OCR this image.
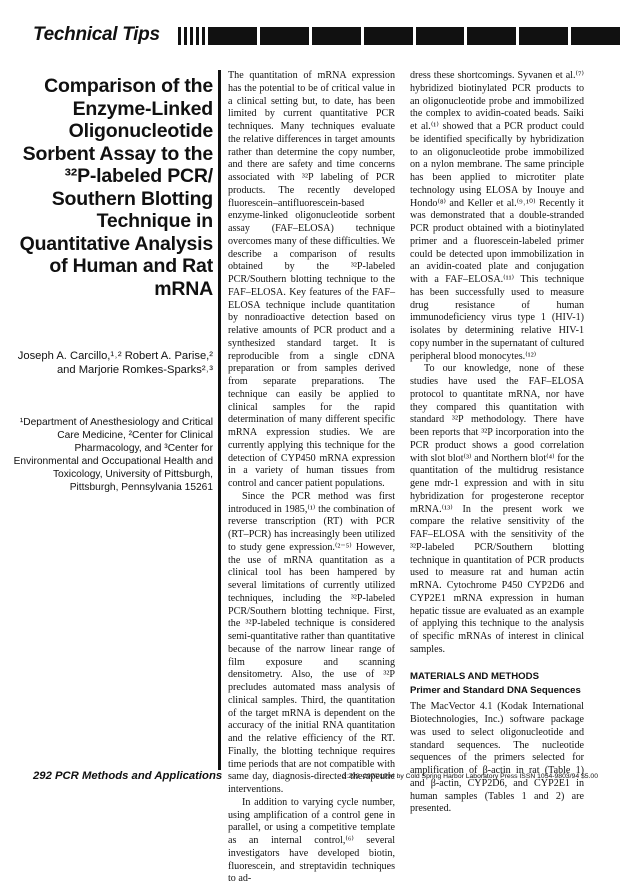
Technical Tips
Comparison of the Enzyme-Linked Oligonucleotide Sorbent Assay to the ³²P-labeled PCR/ Southern Blotting Technique in Quantitative Analysis of Human and Rat mRNA
Joseph A. Carcillo,¹˒² Robert A. Parise,² and Marjorie Romkes-Sparks²˒³
¹Department of Anesthesiology and Critical Care Medicine, ²Center for Clinical Pharmacology, and ³Center for Environmental and Occupational Health and Toxicology, University of Pittsburgh, Pittsburgh, Pennsylvania 15261

The quantitation of mRNA expression has the potential to be of critical value in a clinical setting but, to date, has been limited by current quantitative PCR techniques. Many techniques evaluate the relative differences in target amounts rather than determine the copy number, and there are safety and time concerns associated with ³²P labeling of PCR products. The recently developed fluorescein–antifluorescein-based enzyme-linked oligonucleotide sorbent assay (FAF–ELOSA) technique overcomes many of these difficulties. We describe a comparison of results obtained by the ³²P-labeled PCR/Southern blotting technique to the FAF–ELOSA. Key features of the FAF–ELOSA technique include quantitation by nonradioactive detection based on relative amounts of PCR product and a synthesized standard target. It is reproducible from a single cDNA preparation or from samples derived from separate preparations. The technique can easily be applied to clinical samples for the rapid determination of many different specific mRNA expression studies. We are currently applying this technique for the detection of CYP450 mRNA expression in a variety of human tissues from control and cancer patient populations.

Since the PCR method was first introduced in 1985,⁽¹⁾ the combination of reverse transcription (RT) with PCR (RT–PCR) has increasingly been utilized to study gene expression.⁽²⁻⁵⁾ However, the use of mRNA quantitation as a clinical tool has been hampered by several limitations of currently utilized techniques, including the ³²P-labeled PCR/Southern blotting technique. First, the ³²P-labeled technique is considered semi-quantitative rather than quantitative because of the narrow linear range of film exposure and scanning densitometry. Also, the use of ³²P precludes automated mass analysis of clinical samples. Third, the quantitation of the target mRNA is dependent on the accuracy of the initial RNA quantitation and the relative efficiency of the RT. Finally, the blotting technique requires time periods that are not compatible with same day, diagnosis-directed therapeutic interventions.

In addition to varying cycle number, using amplification of a control gene in parallel, or using a competitive template as an internal control,⁽⁶⁾ several investigators have developed biotin, fluorescein, and streptavidin techniques to ad-

dress these shortcomings. Syvanen et al.⁽⁷⁾ hybridized biotinylated PCR products to an oligonucleotide probe and immobilized the complex to avidin-coated beads. Saiki et al.⁽¹⁾ showed that a PCR product could be identified specifically by hybridization to an oligonucleotide probe immobilized on a nylon membrane. The same principle has been applied to microtiter plate technology using ELOSA by Inouye and Hondo⁽⁸⁾ and Keller et al.⁽⁹˒¹⁰⁾ Recently it was demonstrated that a double-stranded PCR product obtained with a biotinylated primer and a fluorescein-labeled primer could be detected upon immobilization in an avidin-coated plate and conjugation with a FAF–ELOSA.⁽¹¹⁾ This technique has been successfully used to measure drug resistance of human immunodeficiency virus type 1 (HIV-1) isolates by determining relative HIV-1 copy number in the supernatant of cultured peripheral blood monocytes.⁽¹²⁾

To our knowledge, none of these studies have used the FAF–ELOSA protocol to quantitate mRNA, nor have they compared this quantitation with standard ³²P methodology. There have been reports that ³²P incorporation into the PCR product shows a good correlation with slot blot⁽³⁾ and Northern blot⁽⁴⁾ for the quantitation of the multidrug resistance gene mdr-1 expression and with in situ hybridization for progesterone receptor mRNA.⁽¹³⁾ In the present work we compare the relative sensitivity of the FAF–ELOSA with the sensitivity of the ³²P-labeled PCR/Southern blotting technique in quantitation of PCR products used to measure rat and human actin mRNA. Cytochrome P450 CYP2D6 and CYP2E1 mRNA expression in human hepatic tissue are evaluated as an example of applying this technique to the analysis of specific mRNAs of interest in clinical samples.

MATERIALS AND METHODS
Primer and Standard DNA Sequences

The MacVector 4.1 (Kodak International Biotechnologies, Inc.) software package was used to select oligonucleotide and standard sequences. The nucleotide sequences of the primers selected for amplification of β-actin in rat (Table 1) and β-actin, CYP2D6, and CYP2E1 in human samples (Tables 1 and 2) are presented.

292 PCR Methods and Applications	3:292–297©1994 by Cold Spring Harbor Laboratory Press ISSN 1054-9803/94 $5.00
